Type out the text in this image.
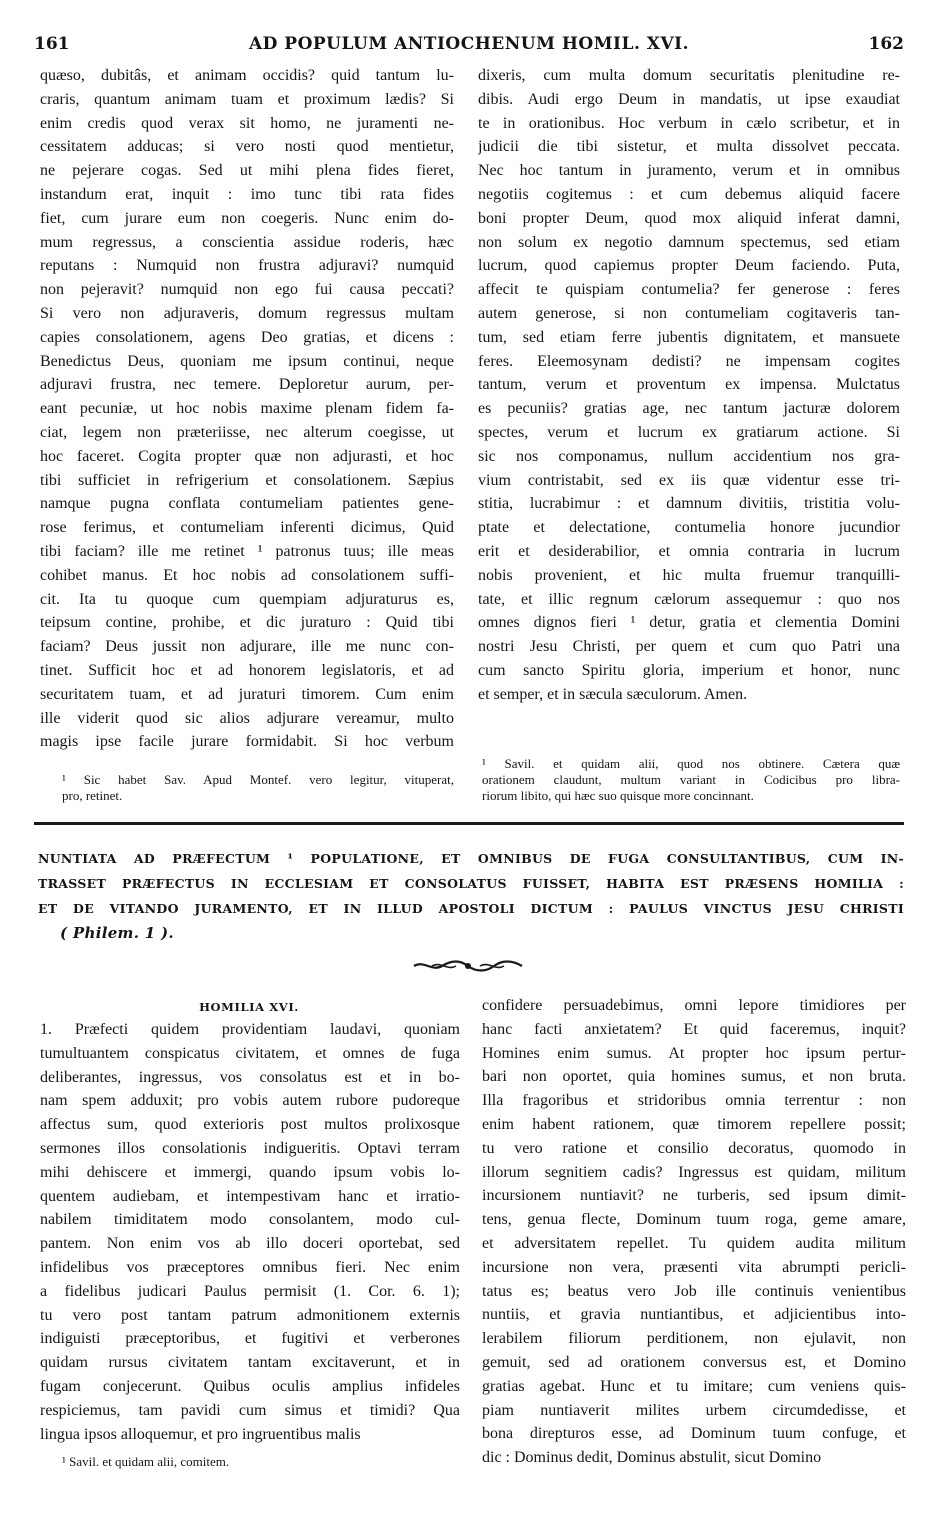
161	AD POPULUM ANTIOCHENUM HOMIL. XVI.	162

quæso, dubitâs, et animam occidis? quid tantum lu-

craris, quantum animam tuam et proximum lædis? Si

enim credis quod verax sit homo, ne juramenti ne-

cessitatem adducas; si vero nosti quod mentietur,

ne pejerare cogas. Sed ut mihi plena fides fieret,

instandum erat, inquit : imo tunc tibi rata fides

fiet, cum jurare eum non coegeris. Nunc enim do-

mum regressus, a conscientia assidue roderis, hæc

reputans : Numquid non frustra adjuravi? numquid

non pejeravit? numquid non ego fui causa peccati?

Si vero non adjuraveris, domum regressus multam

capies consolationem, agens Deo gratias, et dicens :

Benedictus Deus, quoniam me ipsum continui, neque

adjuravi frustra, nec temere. Deploretur aurum, per-

eant pecuniæ, ut hoc nobis maxime plenam fidem fa-

ciat, legem non præteriisse, nec alterum coegisse, ut

hoc faceret. Cogita propter quæ non adjurasti, et hoc

tibi sufficiet in refrigerium et consolationem. Sæpius

namque pugna conflata contumeliam patientes gene-

rose ferimus, et contumeliam inferenti dicimus, Quid

tibi faciam? ille me retinet ¹ patronus tuus; ille meas

cohibet manus. Et hoc nobis ad consolationem suffi-

cit. Ita tu quoque cum quempiam adjuraturus es,

teipsum contine, prohibe, et dic juraturo : Quid tibi

faciam? Deus jussit non adjurare, ille me nunc con-

tinet. Sufficit hoc et ad honorem legislatoris, et ad

securitatem tuam, et ad juraturi timorem. Cum enim

ille viderit quod sic alios adjurare vereamur, multo

magis ipse facile jurare formidabit. Si hoc verbum

¹ Sic habet Sav. Apud Montef. vero legitur, vituperat,

pro, retinet.

dixeris, cum multa domum securitatis plenitudine re-

dibis. Audi ergo Deum in mandatis, ut ipse exaudiat

te in orationibus. Hoc verbum in cælo scribetur, et in

judicii die tibi sistetur, et multa dissolvet peccata.

Nec hoc tantum in juramento, verum et in omnibus

negotiis cogitemus : et cum debemus aliquid facere

boni propter Deum, quod mox aliquid inferat damni,

non solum ex negotio damnum spectemus, sed etiam

lucrum, quod capiemus propter Deum faciendo. Puta,

affecit te quispiam contumelia? fer generose : feres

autem generose, si non contumeliam cogitaveris tan-

tum, sed etiam ferre jubentis dignitatem, et mansuete

feres. Eleemosynam dedisti? ne impensam cogites

tantum, verum et proventum ex impensa. Mulctatus

es pecuniis? gratias age, nec tantum jacturæ dolorem

spectes, verum et lucrum ex gratiarum actione. Si

sic nos componamus, nullum accidentium nos gra-

vium contristabit, sed ex iis quæ videntur esse tri-

stitia, lucrabimur : et damnum divitiis, tristitia volu-

ptate et delectatione, contumelia honore jucundior

erit et desiderabilior, et omnia contraria in lucrum

nobis provenient, et hic multa fruemur tranquilli-

tate, et illic regnum cælorum assequemur : quo nos

omnes dignos fieri ¹ detur, gratia et clementia Domini

nostri Jesu Christi, per quem et cum quo Patri una

cum sancto Spiritu gloria, imperium et honor, nunc

et semper, et in sæcula sæculorum. Amen.

¹ Savil. et quidam alii, quod nos obtinere. Cætera quæ

orationem claudunt, multum variant in Codicibus pro libra-

riorum libito, qui hæc suo quisque more concinnant.

NUNTIATA AD PRÆFECTUM ¹ POPULATIONE, ET OMNIBUS DE FUGA CONSULTANTIBUS, CUM IN-

TRASSET PRÆFECTUS IN ECCLESIAM ET CONSOLATUS FUISSET, HABITA EST PRÆSENS HOMILIA :

ET DE VITANDO JURAMENTO, ET IN ILLUD APOSTOLI DICTUM : PAULUS VINCTUS JESU CHRISTI

( Philem. 1 ).

HOMILIA XVI.

1. Præfecti quidem providentiam laudavi, quoniam

tumultuantem conspicatus civitatem, et omnes de fuga

deliberantes, ingressus, vos consolatus est et in bo-

nam spem adduxit; pro vobis autem rubore pudoreque

affectus sum, quod exterioris post multos prolixosque

sermones illos consolationis indigueritis. Optavi terram

mihi dehiscere et immergi, quando ipsum vobis lo-

quentem audiebam, et intempestivam hanc et irratio-

nabilem timiditatem modo consolantem, modo cul-

pantem. Non enim vos ab illo doceri oportebat, sed

infidelibus vos præceptores omnibus fieri. Nec enim

a fidelibus judicari Paulus permisit (1. Cor. 6. 1);

tu vero post tantam patrum admonitionem externis

indiguisti præceptoribus, et fugitivi et verberones

quidam rursus civitatem tantam excitaverunt, et in

fugam conjecerunt. Quibus oculis amplius infideles

respiciemus, tam pavidi cum simus et timidi? Qua

lingua ipsos alloquemur, et pro ingruentibus malis

¹ Savil. et quidam alii, comitem.

confidere persuadebimus, omni lepore timidiores per

hanc facti anxietatem? Et quid faceremus, inquit?

Homines enim sumus. At propter hoc ipsum pertur-

bari non oportet, quia homines sumus, et non bruta.

Illa fragoribus et stridoribus omnia terrentur : non

enim habent rationem, quæ timorem repellere possit;

tu vero ratione et consilio decoratus, quomodo in

illorum segnitiem cadis? Ingressus est quidam, militum

incursionem nuntiavit? ne turberis, sed ipsum dimit-

tens, genua flecte, Dominum tuum roga, geme amare,

et adversitatem repellet. Tu quidem audita militum

incursione non vera, præsenti vita abrumpti pericli-

tatus es; beatus vero Job ille continuis venientibus

nuntiis, et gravia nuntiantibus, et adjicientibus into-

lerabilem filiorum perditionem, non ejulavit, non

gemuit, sed ad orationem conversus est, et Domino

gratias agebat. Hunc et tu imitare; cum veniens quis-

piam nuntiaverit milites urbem circumdedisse, et

bona direpturos esse, ad Dominum tuum confuge, et

dic : Dominus dedit, Dominus abstulit, sicut Domino
